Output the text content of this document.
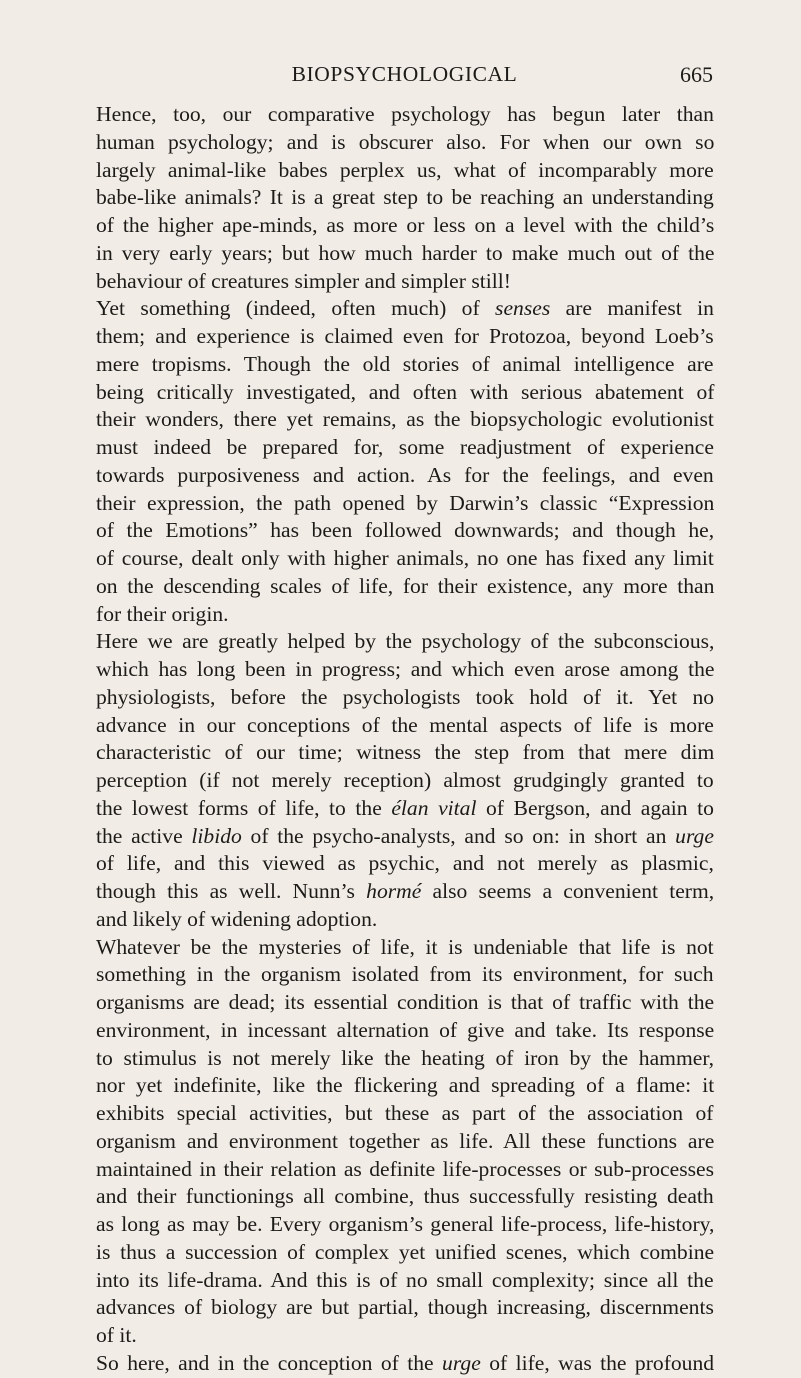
BIOPSYCHOLOGICAL	665
Hence, too, our comparative psychology has begun later than
human psychology; and is obscurer also. For when our own so
largely animal-like babes perplex us, what of incomparably more
babe-like animals? It is a great step to be reaching an understanding
of the higher ape-minds, as more or less on a level with the child’s
in very early years; but how much harder to make much out of the
behaviour of creatures simpler and simpler still!
Yet something (indeed, often much) of senses are manifest in
them; and experience is claimed even for Protozoa, beyond Loeb’s
mere tropisms. Though the old stories of animal intelligence are
being critically investigated, and often with serious abatement of
their wonders, there yet remains, as the biopsychologic evolutionist
must indeed be prepared for, some readjustment of experience
towards purposiveness and action. As for the feelings, and even
their expression, the path opened by Darwin’s classic “Expression
of the Emotions” has been followed downwards; and though he,
of course, dealt only with higher animals, no one has fixed any limit
on the descending scales of life, for their existence, any more than
for their origin.
Here we are greatly helped by the psychology of the subconscious,
which has long been in progress; and which even arose among the
physiologists, before the psychologists took hold of it. Yet no
advance in our conceptions of the mental aspects of life is more
characteristic of our time; witness the step from that mere dim
perception (if not merely reception) almost grudgingly granted to
the lowest forms of life, to the élan vital of Bergson, and again to
the active libido of the psycho-analysts, and so on: in short an urge
of life, and this viewed as psychic, and not merely as plasmic,
though this as well. Nunn’s hormé also seems a convenient term,
and likely of widening adoption.
Whatever be the mysteries of life, it is undeniable that life is not
something in the organism isolated from its environment, for such
organisms are dead; its essential condition is that of traffic with the
environment, in incessant alternation of give and take. Its response
to stimulus is not merely like the heating of iron by the hammer,
nor yet indefinite, like the flickering and spreading of a flame: it
exhibits special activities, but these as part of the association of
organism and environment together as life. All these functions are
maintained in their relation as definite life-processes or sub-processes
and their functionings all combine, thus successfully resisting death
as long as may be. Every organism’s general life-process, life-history,
is thus a succession of complex yet unified scenes, which combine
into its life-drama. And this is of no small complexity; since all the
advances of biology are but partial, though increasing, discernments
of it.
So here, and in the conception of the urge of life, was the profound
